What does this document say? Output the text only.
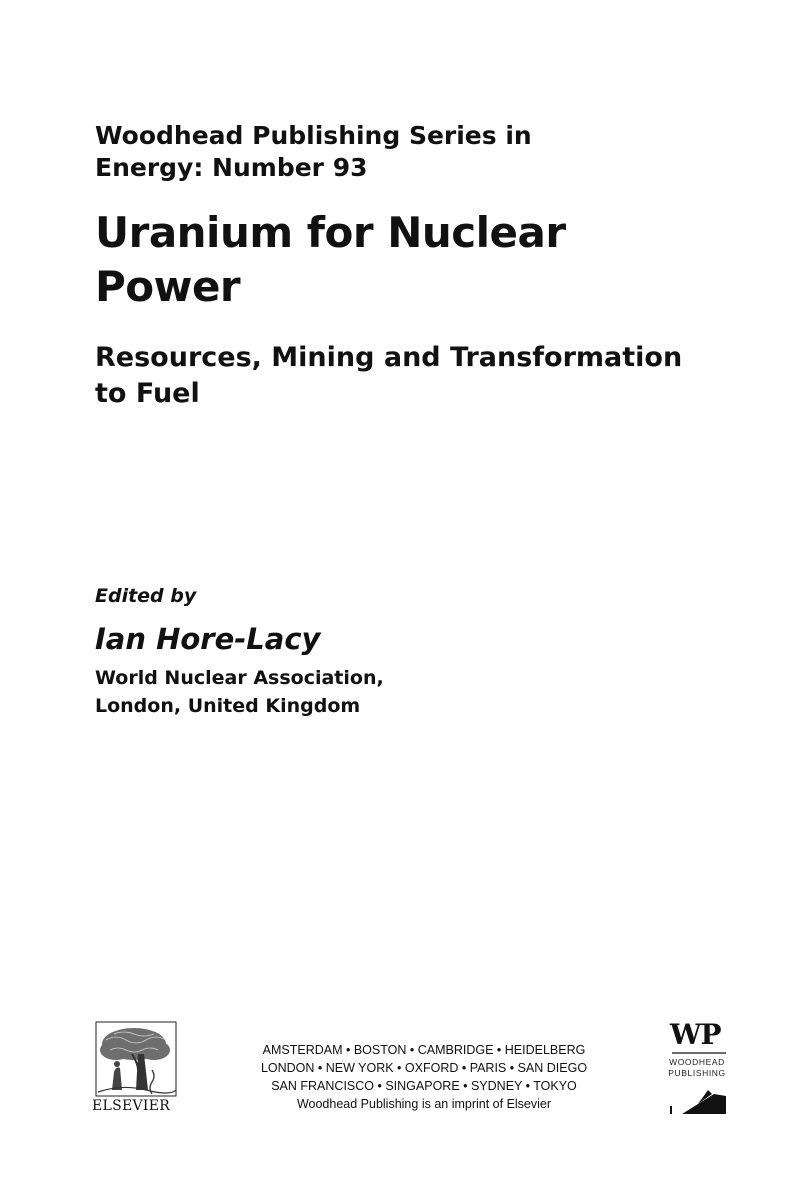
Woodhead Publishing Series in
Energy: Number 93
Uranium for Nuclear
Power
Resources, Mining and Transformation
to Fuel
Edited by
Ian Hore-Lacy
World Nuclear Association,
London, United Kingdom
ELSEVIER
AMSTERDAM • BOSTON • CAMBRIDGE • HEIDELBERG
LONDON • NEW YORK • OXFORD • PARIS • SAN DIEGO
SAN FRANCISCO • SINGAPORE • SYDNEY • TOKYO
Woodhead Publishing is an imprint of Elsevier
WP
WOODHEAD
PUBLISHING
